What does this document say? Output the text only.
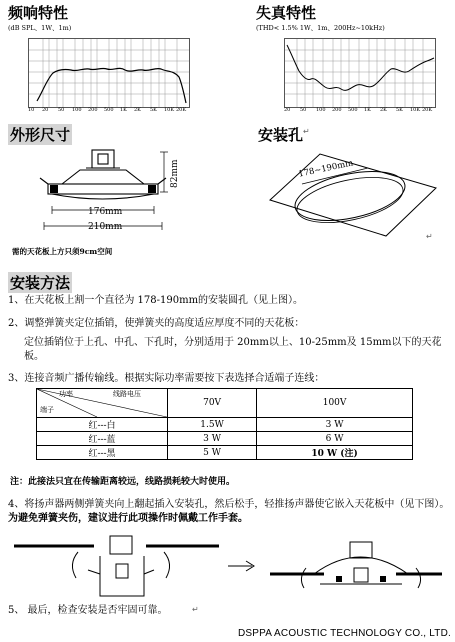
频响特性
(dB SPL、1W、1m)
10 20 50 100 200 500 1K 2K 5K 10K 20K
失真特性
(THD< 1.5% 1W、1m、200Hz~10kHz)
20 50 100 200 500 1K 2K 5K 10K 20K
外形尺寸
176mm
210mm
82mm
需的天花板上方只须9cm空间
安装孔 ↵
178~190mm
↵
安装方法
1、在天花板上割一个直径为 178-190mm的安装圆孔（见上图）。
2、调整弹簧夹定位插销，使弹簧夹的高度适应厚度不同的天花板：
定位插销位于上孔、中孔、下孔时，分别适用于 20mm以上、10-25mm及 15mm以下的天花板。
3、连接音频广播传输线。根据实际功率需要按下表选择合适端子连线：
功率 线路电压
端子	70V	100V
红---白	1.5W	3 W
红---蓝	3 W	6 W
红---黑	5 W	10 W (注)
注：此接法只宜在传输距离较远，线路损耗较大时使用。
4、将扬声器两侧弹簧夹向上翻起插入安装孔，然后松手，轻推扬声器使它嵌入天花板中（见下图）。为避免弹簧夹伤，建议进行此项操作时佩戴工作手套。
5、 最后，检查安装是否牢固可靠。	↵
DSPPA ACOUSTIC TECHNOLOGY CO., LTD.
